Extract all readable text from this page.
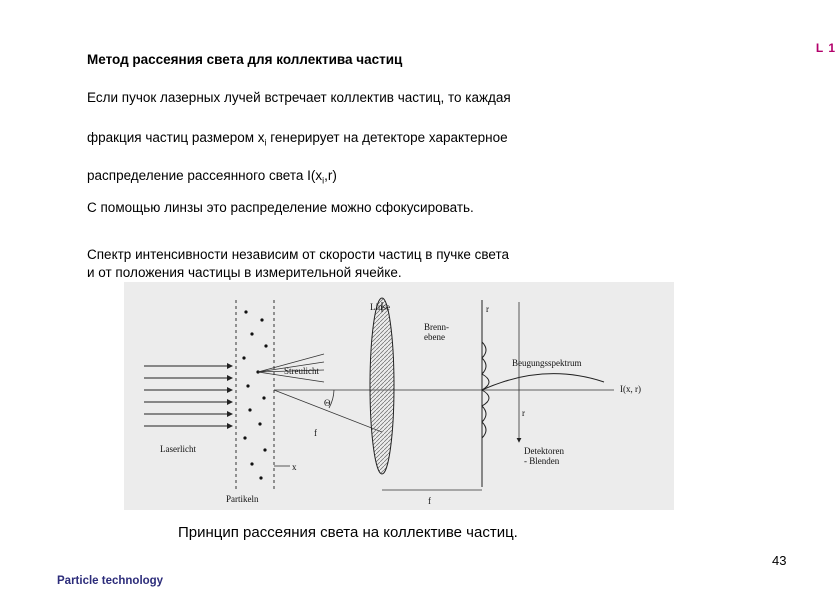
Метод рассеяния света для коллектива частиц
L 1
Если пучок лазерных лучей встречает коллектив частиц, то каждая
фракция частиц размером $x_i$ генерирует на детекторе характерное
распределение рассеянного света $I(x_i,r)$
С помощью линзы это распределение можно сфокусировать.
Спектр интенсивности независим от скорости частиц в пучке света
и от положения частицы в измерительной ячейке.
Linse
Brenn-
ebene
r
Beugungsspektrum
I(x, r)
Streulicht
Θ
f
r
Laserlicht
x
Partikeln
Detektoren
- Blenden
f
Принцип рассеяния света на коллективе частиц.
43
Particle technology
